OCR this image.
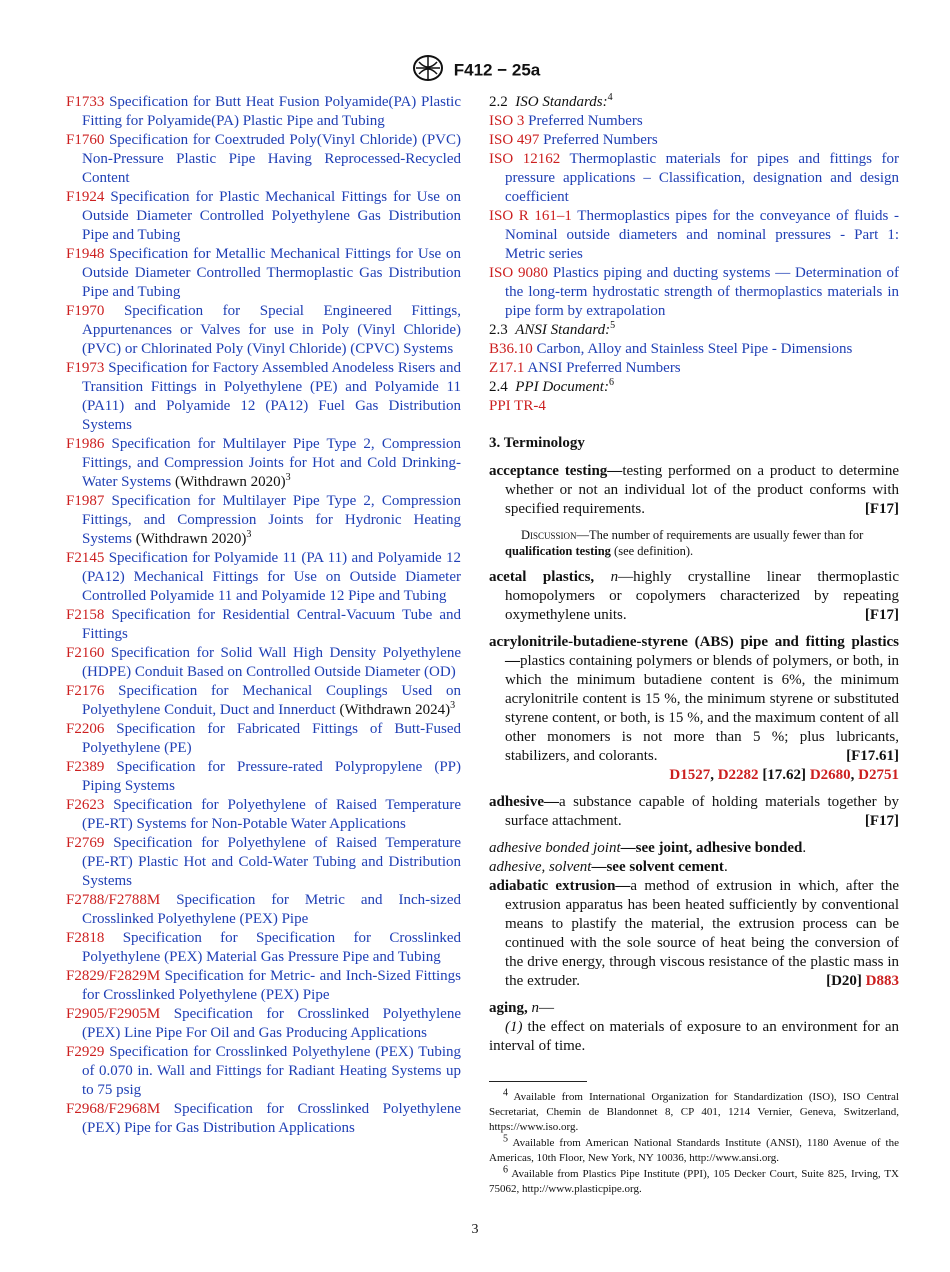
F412 − 25a

F1733 Specification for Butt Heat Fusion Polyamide(PA) Plastic Fitting for Polyamide(PA) Plastic Pipe and Tubing

F1760 Specification for Coextruded Poly(Vinyl Chloride) (PVC) Non-Pressure Plastic Pipe Having Reprocessed-Recycled Content

F1924 Specification for Plastic Mechanical Fittings for Use on Outside Diameter Controlled Polyethylene Gas Distribution Pipe and Tubing

F1948 Specification for Metallic Mechanical Fittings for Use on Outside Diameter Controlled Thermoplastic Gas Distribution Pipe and Tubing

F1970 Specification for Special Engineered Fittings, Appurtenances or Valves for use in Poly (Vinyl Chloride) (PVC) or Chlorinated Poly (Vinyl Chloride) (CPVC) Systems

F1973 Specification for Factory Assembled Anodeless Risers and Transition Fittings in Polyethylene (PE) and Polyamide 11 (PA11) and Polyamide 12 (PA12) Fuel Gas Distribution Systems

F1986 Specification for Multilayer Pipe Type 2, Compression Fittings, and Compression Joints for Hot and Cold Drinking-Water Systems (Withdrawn 2020)$^3$

F1987 Specification for Multilayer Pipe Type 2, Compression Fittings, and Compression Joints for Hydronic Heating Systems (Withdrawn 2020)$^3$

F2145 Specification for Polyamide 11 (PA 11) and Polyamide 12 (PA12) Mechanical Fittings for Use on Outside Diameter Controlled Polyamide 11 and Polyamide 12 Pipe and Tubing

F2158 Specification for Residential Central-Vacuum Tube and Fittings

F2160 Specification for Solid Wall High Density Polyethylene (HDPE) Conduit Based on Controlled Outside Diameter (OD)

F2176 Specification for Mechanical Couplings Used on Polyethylene Conduit, Duct and Innerduct (Withdrawn 2024)$^3$

F2206 Specification for Fabricated Fittings of Butt-Fused Polyethylene (PE)

F2389 Specification for Pressure-rated Polypropylene (PP) Piping Systems

F2623 Specification for Polyethylene of Raised Temperature (PE-RT) Systems for Non-Potable Water Applications

F2769 Specification for Polyethylene of Raised Temperature (PE-RT) Plastic Hot and Cold-Water Tubing and Distribution Systems

F2788/F2788M Specification for Metric and Inch-sized Crosslinked Polyethylene (PEX) Pipe

F2818 Specification for Specification for Crosslinked Polyethylene (PEX) Material Gas Pressure Pipe and Tubing

F2829/F2829M Specification for Metric- and Inch-Sized Fittings for Crosslinked Polyethylene (PEX) Pipe

F2905/F2905M Specification for Crosslinked Polyethylene (PEX) Line Pipe For Oil and Gas Producing Applications

F2929 Specification for Crosslinked Polyethylene (PEX) Tubing of 0.070 in. Wall and Fittings for Radiant Heating Systems up to 75 psig

F2968/F2968M Specification for Crosslinked Polyethylene (PEX) Pipe for Gas Distribution Applications

2.2 ISO Standards:$^4$

ISO 3 Preferred Numbers

ISO 497 Preferred Numbers

ISO 12162 Thermoplastic materials for pipes and fittings for pressure applications – Classification, designation and design coefficient

ISO R 161–1 Thermoplastics pipes for the conveyance of fluids - Nominal outside diameters and nominal pressures - Part 1: Metric series

ISO 9080 Plastics piping and ducting systems — Determination of the long-term hydrostatic strength of thermoplastics materials in pipe form by extrapolation

2.3 ANSI Standard:$^5$

B36.10 Carbon, Alloy and Stainless Steel Pipe - Dimensions

Z17.1 ANSI Preferred Numbers

2.4 PPI Document:$^6$

PPI TR-4

3. Terminology

acceptance testing—testing performed on a product to determine whether or not an individual lot of the product conforms with specified requirements.	[F17]

Discussion—The number of requirements are usually fewer than for qualification testing (see definition).

acetal plastics, n—highly crystalline linear thermoplastic homopolymers or copolymers characterized by repeating oxymethylene units.	[F17]

acrylonitrile-butadiene-styrene (ABS) pipe and fitting plastics —plastics containing polymers or blends of polymers, or both, in which the minimum butadiene content is 6%, the minimum acrylonitrile content is 15 %, the minimum styrene or substituted styrene content, or both, is 15 %, and the maximum content of all other monomers is not more than 5 %; plus lubricants, stabilizers, and colorants.	[F17.61]

D1527, D2282 [17.62] D2680, D2751

adhesive—a substance capable of holding materials together by surface attachment.	[F17]

adhesive bonded joint—see joint, adhesive bonded.

adhesive, solvent—see solvent cement.

adiabatic extrusion—a method of extrusion in which, after the extrusion apparatus has been heated sufficiently by conventional means to plastify the material, the extrusion process can be continued with the sole source of heat being the conversion of the drive energy, through viscous resistance of the plastic mass in the extruder.	[D20] D883

aging, n—

(1) the effect on materials of exposure to an environment for an interval of time.

$^4$ Available from International Organization for Standardization (ISO), ISO Central Secretariat, Chemin de Blandonnet 8, CP 401, 1214 Vernier, Geneva, Switzerland, https://www.iso.org.

$^5$ Available from American National Standards Institute (ANSI), 1180 Avenue of the Americas, 10th Floor, New York, NY 10036, http://www.ansi.org.

$^6$ Available from Plastics Pipe Institute (PPI), 105 Decker Court, Suite 825, Irving, TX 75062, http://www.plasticpipe.org.

3
